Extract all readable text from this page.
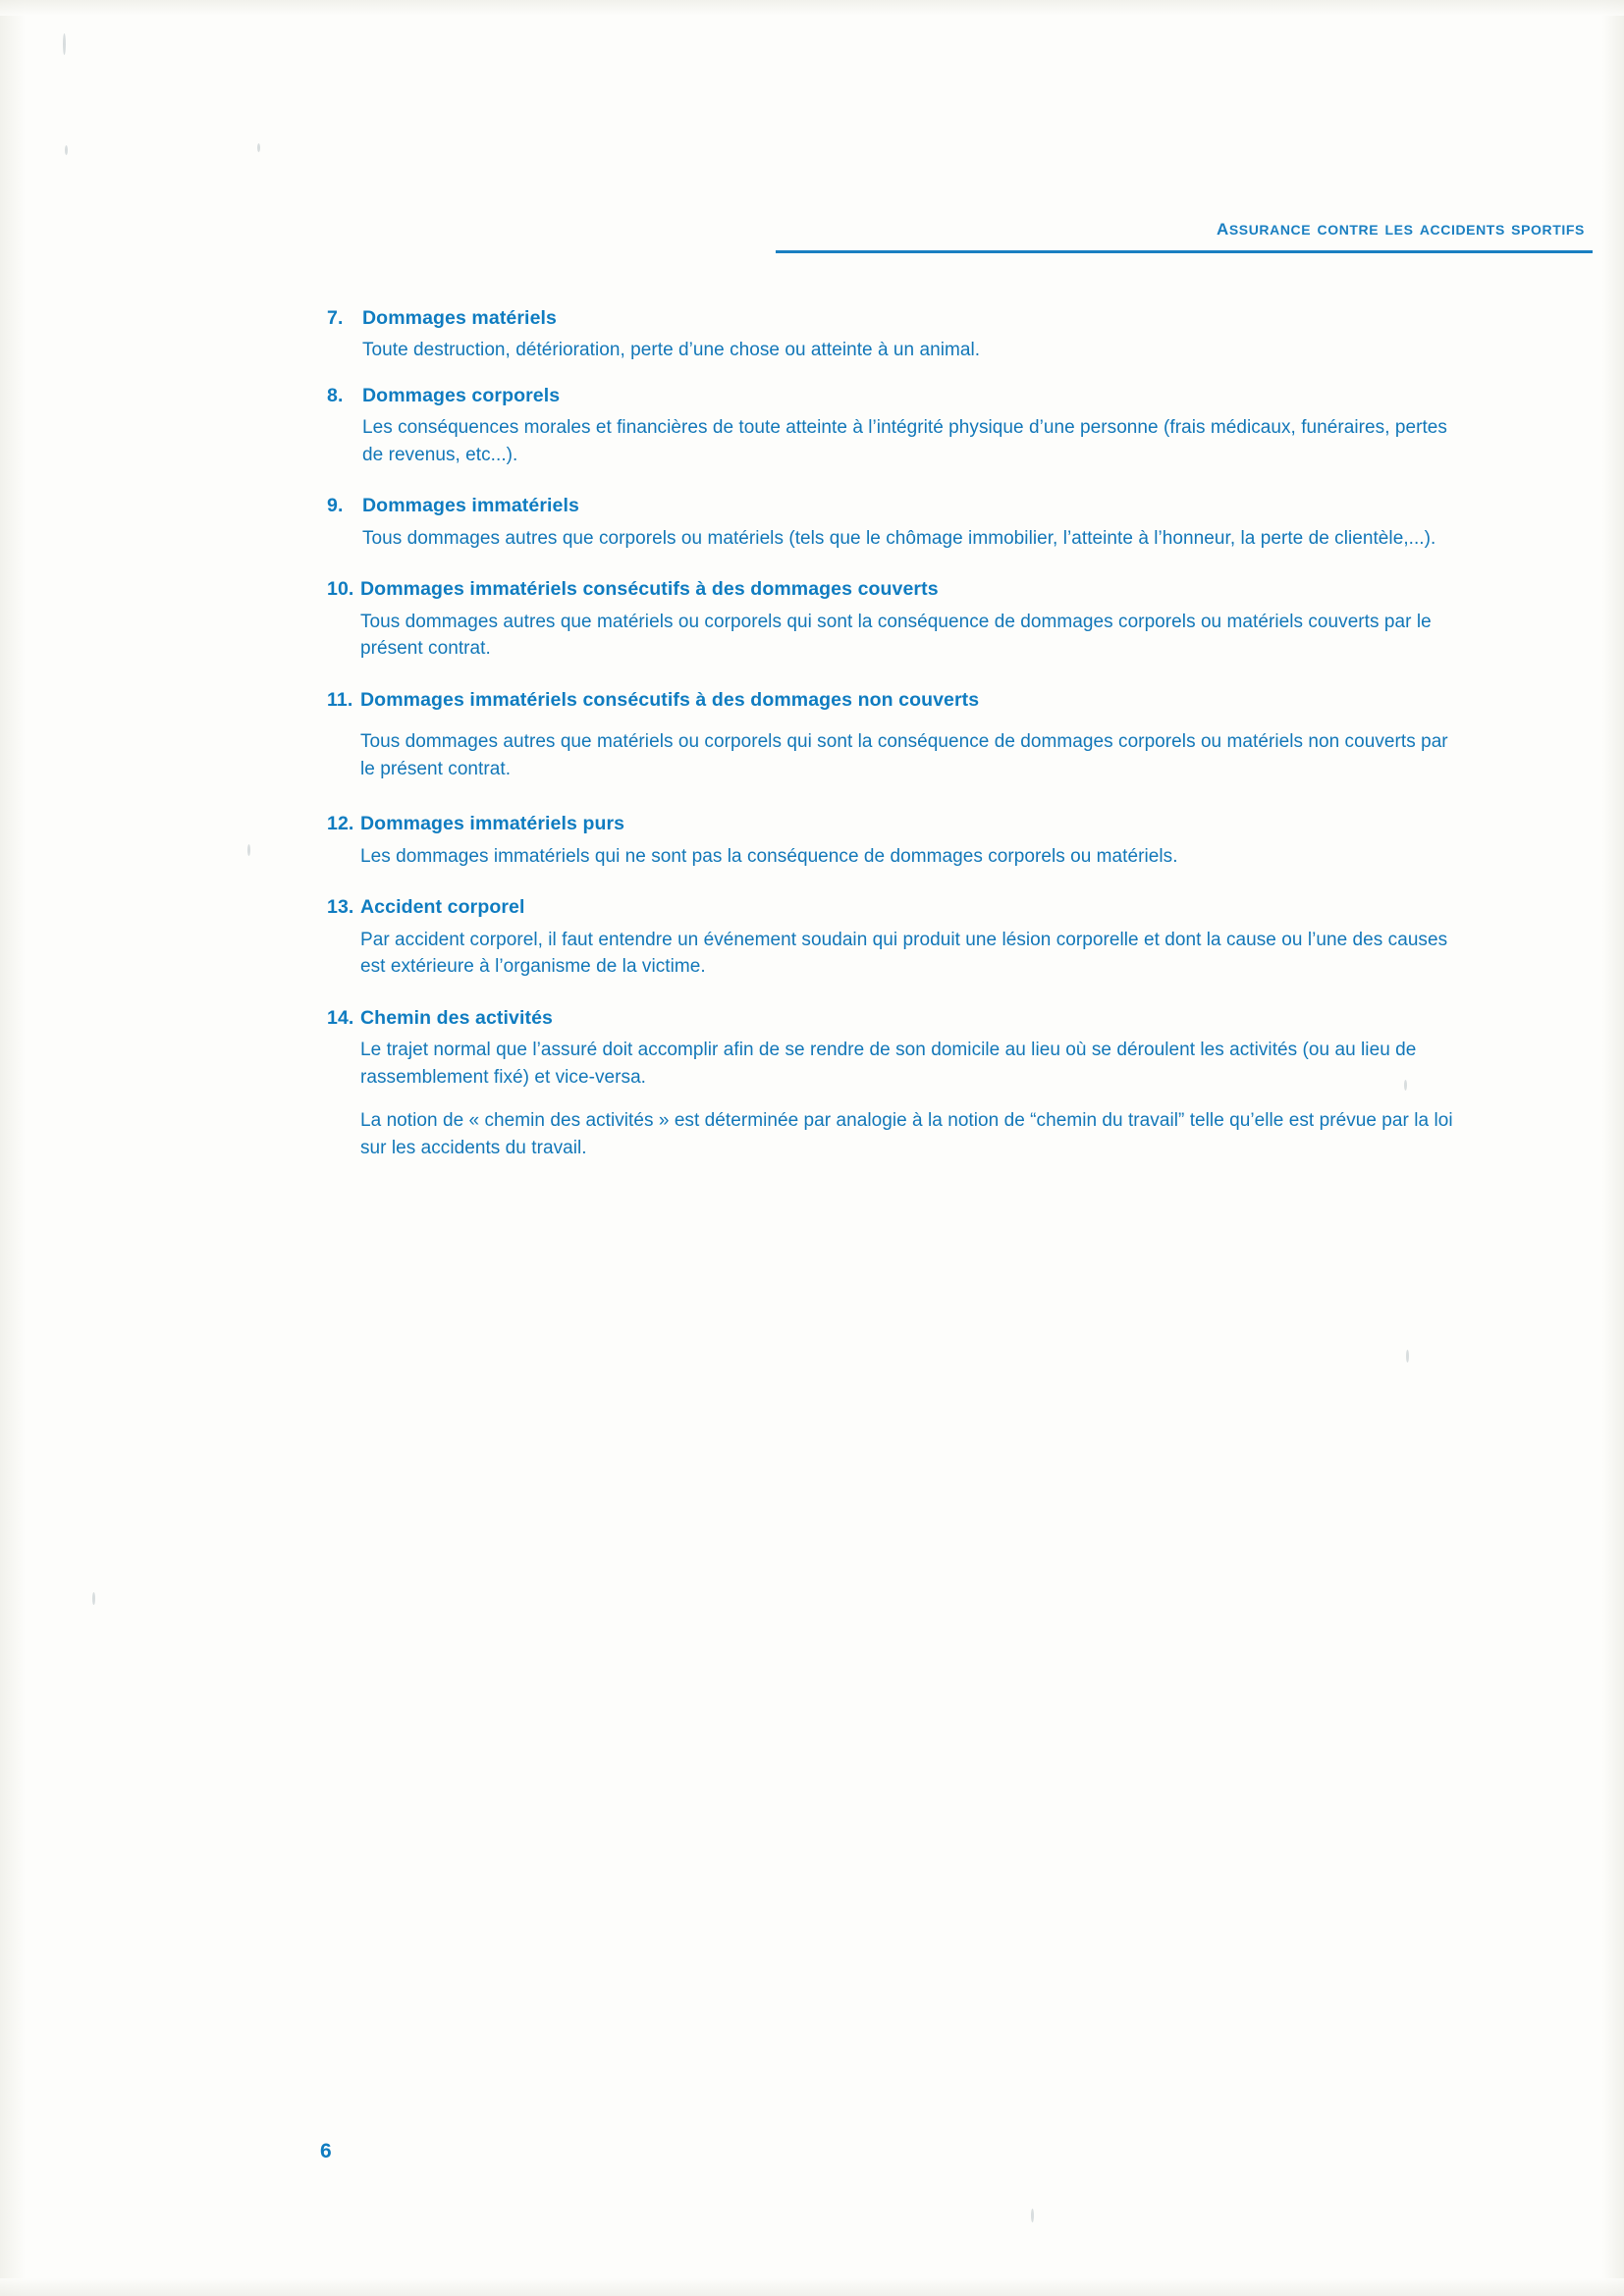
assurance contre les accidents sportifs
7.	Dommages matériels
Toute destruction, détérioration, perte d’une chose ou atteinte à un animal.
8.	Dommages corporels
Les conséquences morales et financières de toute atteinte à l’intégrité physique d’une personne (frais médicaux, funéraires, pertes de revenus, etc...).
9.	Dommages immatériels
Tous dommages autres que corporels ou matériels (tels que le chômage immobilier, l’atteinte à l’honneur, la perte de clientèle,...).
10. Dommages immatériels consécutifs à des dommages couverts
Tous dommages autres que matériels ou corporels qui sont la conséquence de dommages corporels ou matériels couverts par le présent contrat.
11. Dommages immatériels consécutifs à des dommages non couverts
Tous dommages autres que matériels ou corporels qui sont la conséquence de dommages corporels ou matériels non couverts par le présent contrat.
12. Dommages immatériels purs
Les dommages immatériels qui ne sont pas la conséquence de dommages corporels ou matériels.
13. Accident corporel
Par accident corporel, il faut entendre un événement soudain qui produit une lésion corporelle et dont la cause ou l’une des causes est extérieure à l’organisme de la victime.
14. Chemin des activités
Le trajet normal que l’assuré doit accomplir afin de se rendre de son domicile au lieu où se déroulent les activités (ou au lieu de rassemblement fixé) et vice-versa.
La notion de « chemin des activités » est déterminée par analogie à la notion de “chemin du travail” telle qu’elle est prévue par la loi sur les accidents du travail.
6
